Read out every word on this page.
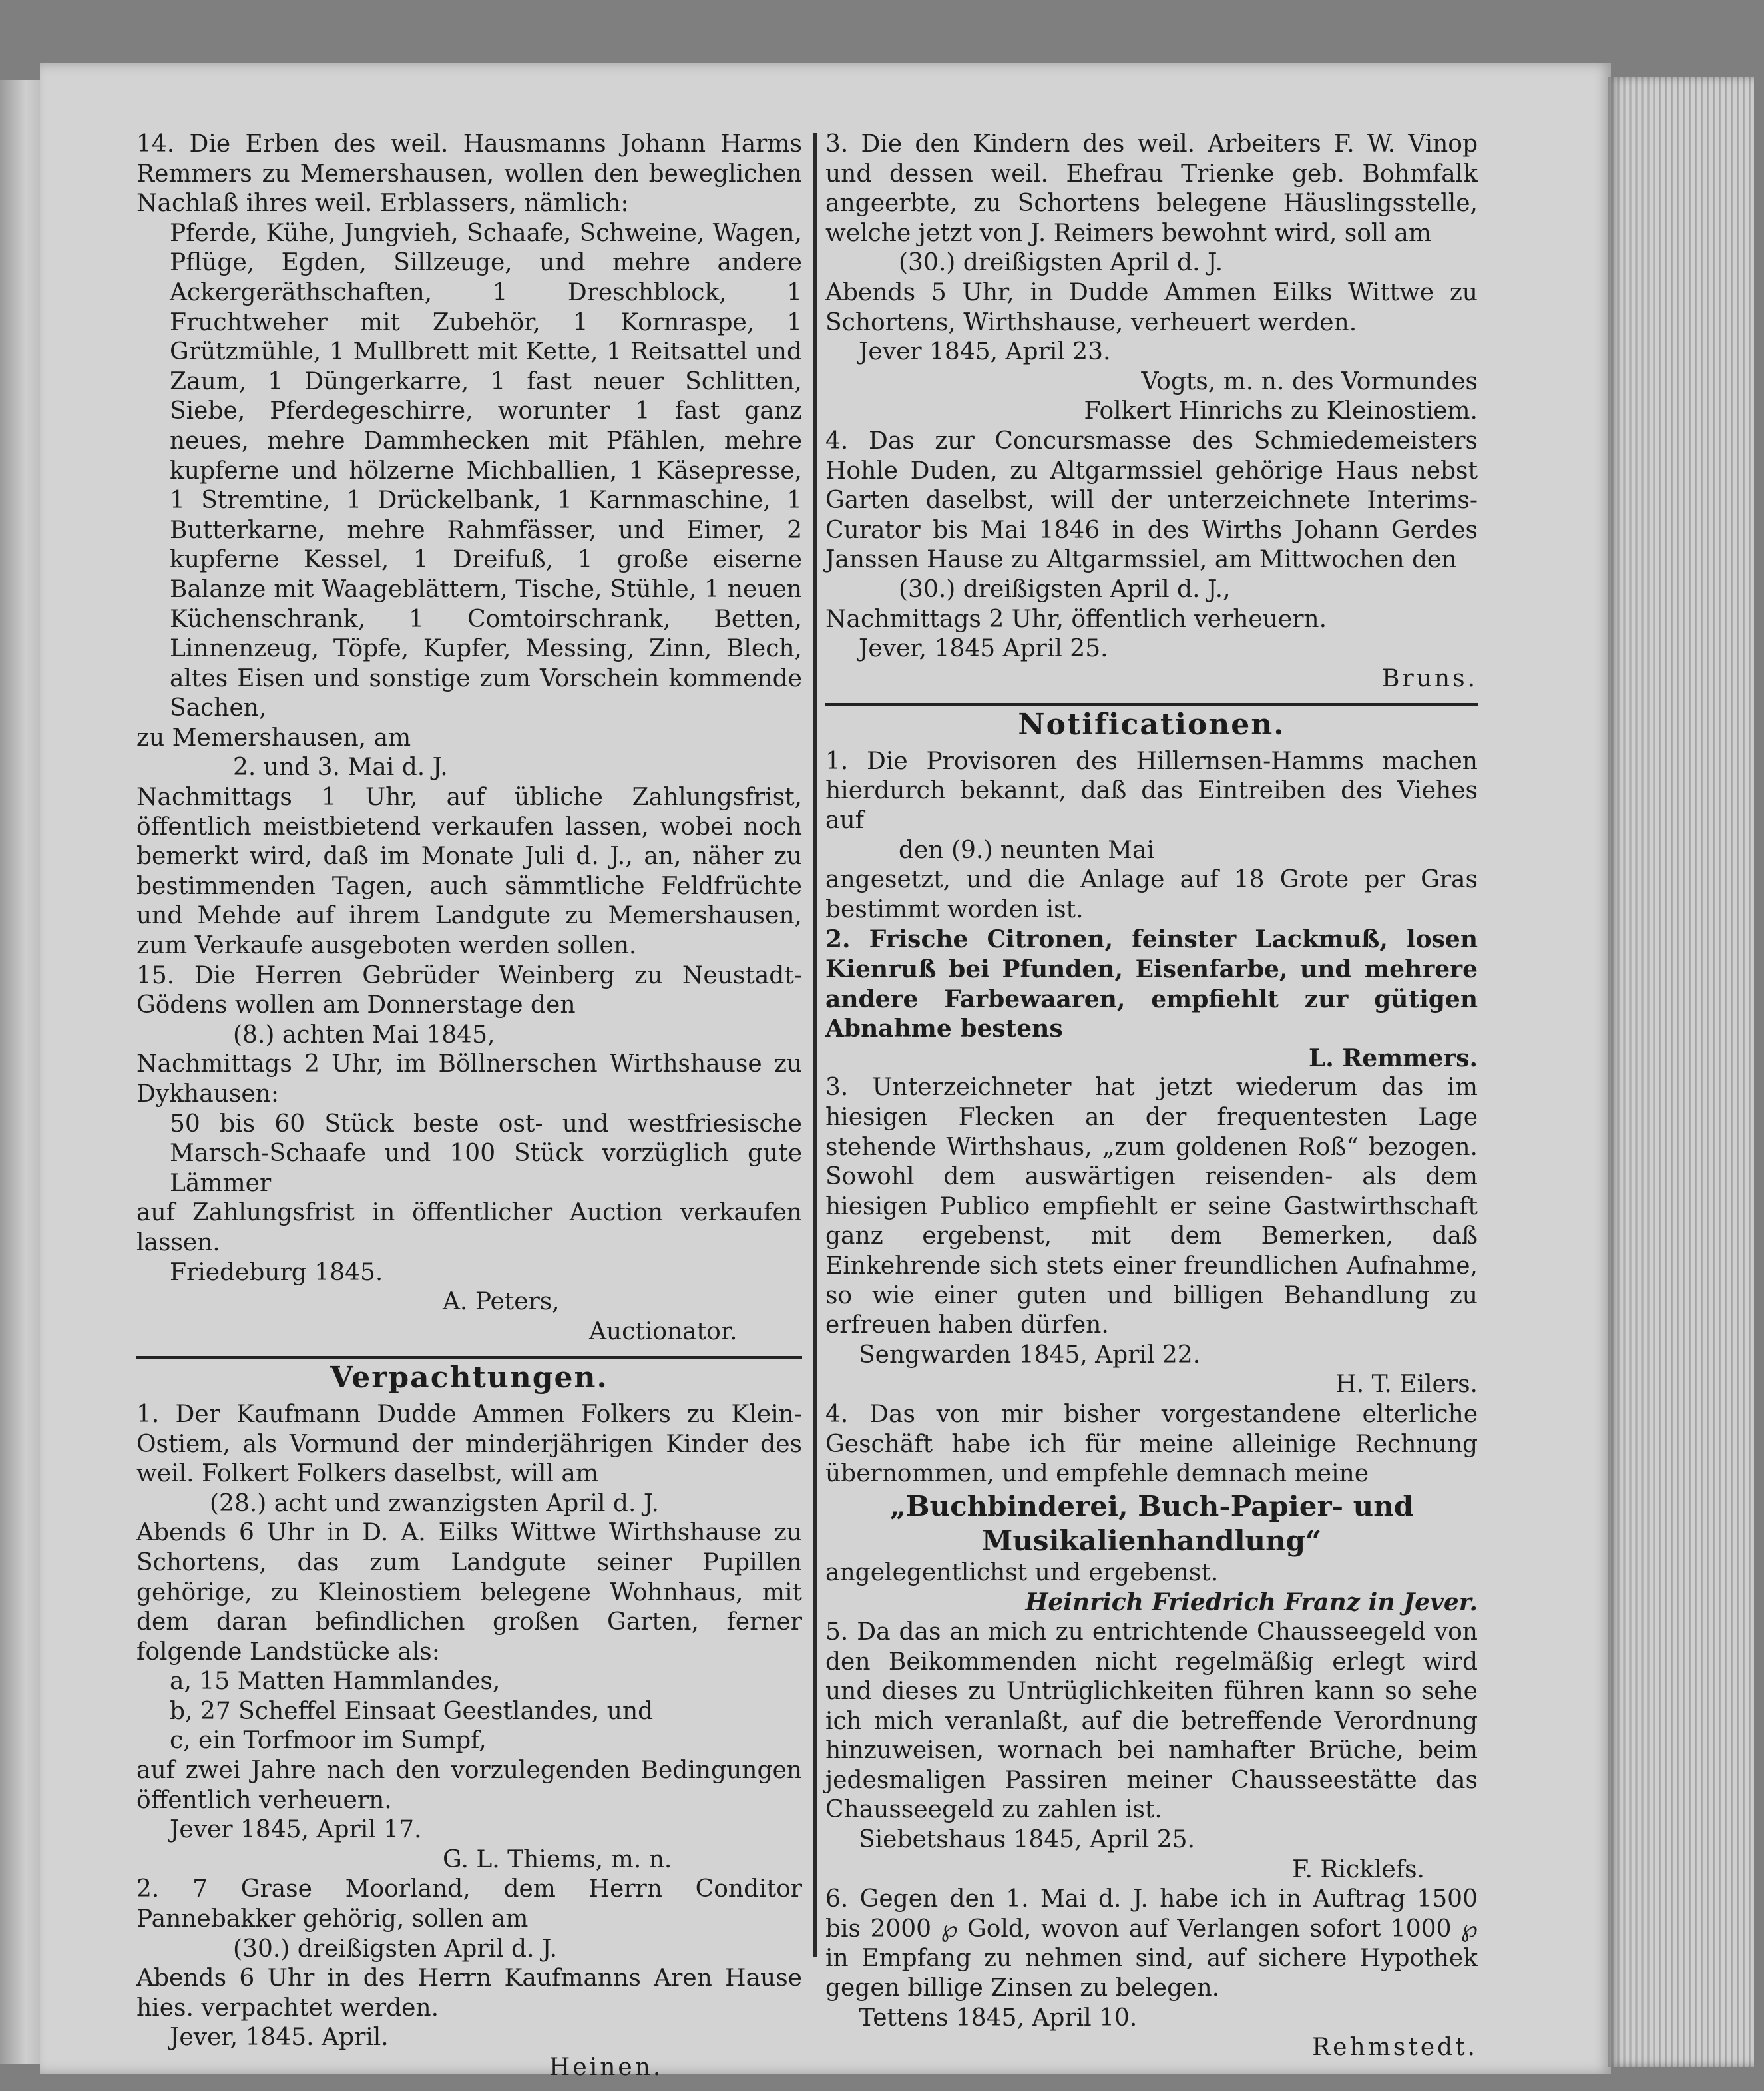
14. Die Erben des weil. Hausmanns Johann Harms Remmers zu Memershausen, wollen den beweglichen Nachlaß ihres weil. Erblassers, nämlich:

Pferde, Kühe, Jungvieh, Schaafe, Schweine, Wagen, Pflüge, Egden, Sillzeuge, und mehre andere Ackergeräthschaften, 1 Dreschblock, 1 Fruchtweher mit Zubehör, 1 Kornraspe, 1 Grützmühle, 1 Mullbrett mit Kette, 1 Reitsattel und Zaum, 1 Düngerkarre, 1 fast neuer Schlitten, Siebe, Pferdegeschirre, worunter 1 fast ganz neues, mehre Dammhecken mit Pfählen, mehre kupferne und hölzerne Michballien, 1 Käsepresse, 1 Stremtine, 1 Drückelbank, 1 Karnmaschine, 1 Butterkarne, mehre Rahmfässer, und Eimer, 2 kupferne Kessel, 1 Dreifuß, 1 große eiserne Balanze mit Waageblättern, Tische, Stühle, 1 neuen Küchenschrank, 1 Comtoirschrank, Betten, Linnenzeug, Töpfe, Kupfer, Messing, Zinn, Blech, altes Eisen und sonstige zum Vorschein kommende Sachen,

zu Memershausen, am

2. und 3. Mai d. J.

Nachmittags 1 Uhr, auf übliche Zahlungsfrist, öffentlich meistbietend verkaufen lassen, wobei noch bemerkt wird, daß im Monate Juli d. J., an, näher zu bestimmenden Tagen, auch sämmtliche Feldfrüchte und Mehde auf ihrem Landgute zu Memershausen, zum Verkaufe ausgeboten werden sollen.

15. Die Herren Gebrüder Weinberg zu Neustadt-Gödens wollen am Donnerstage den

(8.) achten Mai 1845,

Nachmittags 2 Uhr, im Böllnerschen Wirthshause zu Dykhausen:

50 bis 60 Stück beste ost- und westfriesische Marsch-Schaafe und 100 Stück vorzüglich gute Lämmer

auf Zahlungsfrist in öffentlicher Auction verkaufen lassen.

Friedeburg 1845.

A. Peters,

Auctionator.

Verpachtungen.

1. Der Kaufmann Dudde Ammen Folkers zu Klein-Ostiem, als Vormund der minderjährigen Kinder des weil. Folkert Folkers daselbst, will am

(28.) acht und zwanzigsten April d. J.

Abends 6 Uhr in D. A. Eilks Wittwe Wirthshause zu Schortens, das zum Landgute seiner Pupillen gehörige, zu Kleinostiem belegene Wohnhaus, mit dem daran befindlichen großen Garten, ferner folgende Landstücke als:

a, 15 Matten Hammlandes,

b, 27 Scheffel Einsaat Geestlandes, und

c, ein Torfmoor im Sumpf,

auf zwei Jahre nach den vorzulegenden Bedingungen öffentlich verheuern.

Jever 1845, April 17.

G. L. Thiems, m. n.

2. 7 Grase Moorland, dem Herrn Conditor Pannebakker gehörig, sollen am

(30.) dreißigsten April d. J.

Abends 6 Uhr in des Herrn Kaufmanns Aren Hause hies. verpachtet werden.

Jever, 1845. April.

Heinen.

3. Die den Kindern des weil. Arbeiters F. W. Vinop und dessen weil. Ehefrau Trienke geb. Bohmfalk angeerbte, zu Schortens belegene Häuslingsstelle, welche jetzt von J. Reimers bewohnt wird, soll am

(30.) dreißigsten April d. J.

Abends 5 Uhr, in Dudde Ammen Eilks Wittwe zu Schortens, Wirthshause, verheuert werden.

Jever 1845, April 23.

Vogts, m. n. des Vormundes

Folkert Hinrichs zu Kleinostiem.

4. Das zur Concursmasse des Schmiedemeisters Hohle Duden, zu Altgarmssiel gehörige Haus nebst Garten daselbst, will der unterzeichnete Interims-Curator bis Mai 1846 in des Wirths Johann Gerdes Janssen Hause zu Altgarmssiel, am Mittwochen den

(30.) dreißigsten April d. J.,

Nachmittags 2 Uhr, öffentlich verheuern.

Jever, 1845 April 25.

Bruns.

Notificationen.

1. Die Provisoren des Hillernsen-Hamms machen hierdurch bekannt, daß das Eintreiben des Viehes auf

den (9.) neunten Mai

angesetzt, und die Anlage auf 18 Grote per Gras bestimmt worden ist.

2. Frische Citronen, feinster Lackmuß, losen Kienruß bei Pfunden, Eisenfarbe, und mehrere andere Farbewaaren, empfiehlt zur gütigen Abnahme bestens

L. Remmers.

3. Unterzeichneter hat jetzt wiederum das im hiesigen Flecken an der frequentesten Lage stehende Wirthshaus, „zum goldenen Roß“ bezogen. Sowohl dem auswärtigen reisenden- als dem hiesigen Publico empfiehlt er seine Gastwirthschaft ganz ergebenst, mit dem Bemerken, daß Einkehrende sich stets einer freundlichen Aufnahme, so wie einer guten und billigen Behandlung zu erfreuen haben dürfen.

Sengwarden 1845, April 22.

H. T. Eilers.

4. Das von mir bisher vorgestandene elterliche Geschäft habe ich für meine alleinige Rechnung übernommen, und empfehle demnach meine

„Buchbinderei, Buch-Papier- und Musikalienhandlung“

angelegentlichst und ergebenst.

Heinrich Friedrich Franz in Jever.

5. Da das an mich zu entrichtende Chausseegeld von den Beikommenden nicht regelmäßig erlegt wird und dieses zu Untrüglichkeiten führen kann so sehe ich mich veranlaßt, auf die betreffende Verordnung hinzuweisen, wornach bei namhafter Brüche, beim jedesmaligen Passiren meiner Chausseestätte das Chausseegeld zu zahlen ist.

Siebetshaus 1845, April 25.

F. Ricklefs.

6. Gegen den 1. Mai d. J. habe ich in Auftrag 1500 bis 2000 ℘ Gold, wovon auf Verlangen sofort 1000 ℘ in Empfang zu nehmen sind, auf sichere Hypothek gegen billige Zinsen zu belegen.

Tettens 1845, April 10.

Rehmstedt.
